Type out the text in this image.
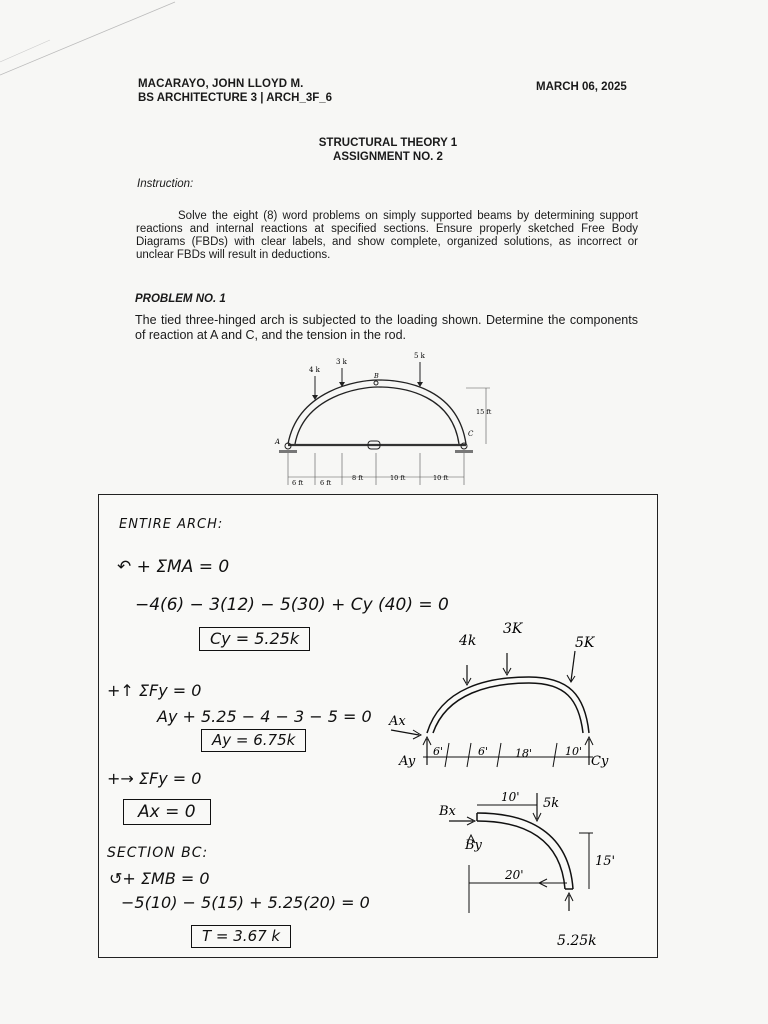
MACARAYO, JOHN LLOYD M.
BS ARCHITECTURE 3 | ARCH_3F_6
MARCH 06, 2025
STRUCTURAL THEORY 1
ASSIGNMENT NO. 2
Instruction:
Solve the eight (8) word problems on simply supported beams by determining support reactions and internal reactions at specified sections. Ensure properly sketched Free Body Diagrams (FBDs) with clear labels, and show complete, organized solutions, as incorrect or unclear FBDs will result in deductions.
PROBLEM NO. 1
The tied three-hinged arch is subjected to the loading shown. Determine the components of reaction at A and C, and the tension in the rod.
4 k
3 k
5 k
A
B
C
15 ft
6 ft	6 ft
8 ft	10 ft	10 ft
ENTIRE ARCH:
↶ + ΣMA = 0
−4(6) − 3(12) − 5(30) + Cy (40) = 0
Cy = 5.25k
+↑ ΣFy = 0
Ay + 5.25 − 4 − 3 − 5 = 0
Ay = 6.75k
+→ ΣFy = 0
Ax = 0
SECTION BC:
↺+ ΣMB = 0
−5(10) − 5(15) + 5.25(20) = 0
T = 3.67 k
4k
3K
5K
Ax
Ay	Cy
6'	6' 18'	10'
Bx
By
10' 5k
15'
20'
5.25k
